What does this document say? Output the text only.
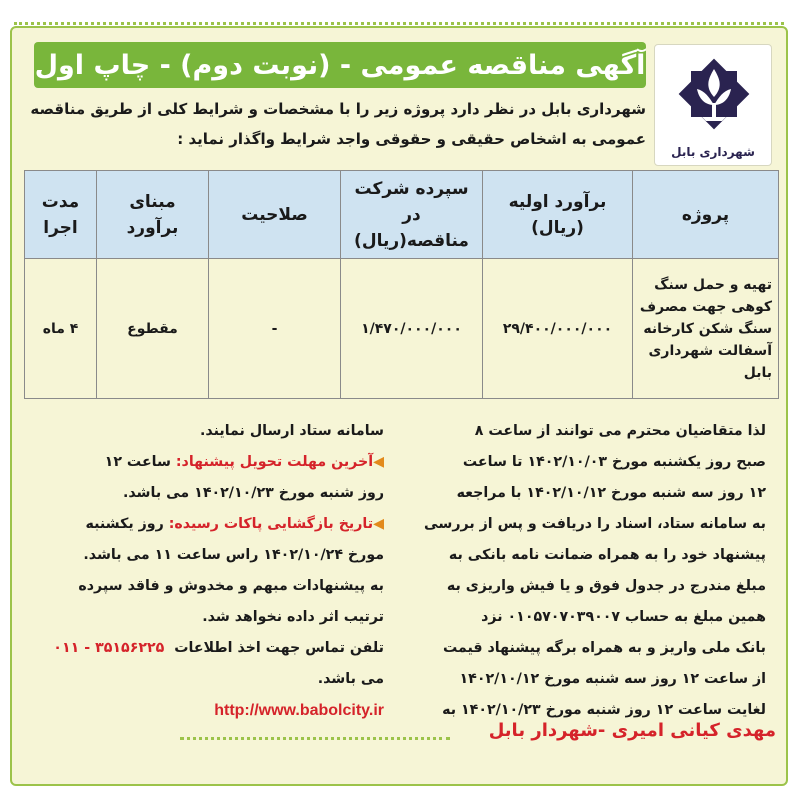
شهرداری بابل
آگهی مناقصه عمومی - (نوبت دوم) - چاپ اول
شهرداری بابل در نظر دارد پروژه زیر را با مشخصات و شرایط کلی از طریق مناقصه
عمومی به اشخاص حقیقی و حقوقی واجد شرایط واگذار نماید :
پروژه	برآورد اولیه (ریال)	سپرده شرکت در مناقصه(ریال)	صلاحیت	مبنای برآورد	مدت اجرا
تهیه و حمل سنگ کوهی جهت مصرف سنگ شکن کارخانه آسفالت شهرداری بابل	۲۹/۴۰۰/۰۰۰/۰۰۰	۱/۴۷۰/۰۰۰/۰۰۰	-	مقطوع	۴ ماه

لذا متقاضیان محترم می توانند از ساعت ۸

صبح روز یکشنبه مورخ ۱۴۰۲/۱۰/۰۳ تا ساعت

۱۲ روز سه شنبه مورخ ۱۴۰۲/۱۰/۱۲ با مراجعه

به سامانه ستاد، اسناد را دریافت و پس از بررسی

پیشنهاد خود را به همراه ضمانت نامه بانکی به

مبلغ مندرج در جدول فوق و یا فیش واریزی به

همین مبلغ به حساب ۰۱۰۵۷۰۷۰۳۹۰۰۷ نزد

بانک ملی واریز و به همراه برگه پیشنهاد قیمت

از ساعت ۱۲ روز سه شنبه مورخ ۱۴۰۲/۱۰/۱۲

لغایت ساعت ۱۲ روز شنبه مورخ ۱۴۰۲/۱۰/۲۳ به

سامانه ستاد ارسال نمایند.

◀آخرین مهلت تحویل پیشنهاد: ساعت ۱۲

روز شنبه مورخ ۱۴۰۲/۱۰/۲۳ می باشد.

◀تاریخ بازگشایی پاکات رسیده: روز یکشنبه

مورخ ۱۴۰۲/۱۰/۲۴ راس ساعت ۱۱ می باشد.

به پیشنهادات مبهم و مخدوش و فاقد سپرده

ترتیب اثر داده نخواهد شد.

تلفن تماس جهت اخذ اطلاعات  ۳۵۱۵۶۲۲۵ - ۰۱۱

می باشد.

http://www.babolcity.ir

مهدی کیانی امیری -شهردار بابل
